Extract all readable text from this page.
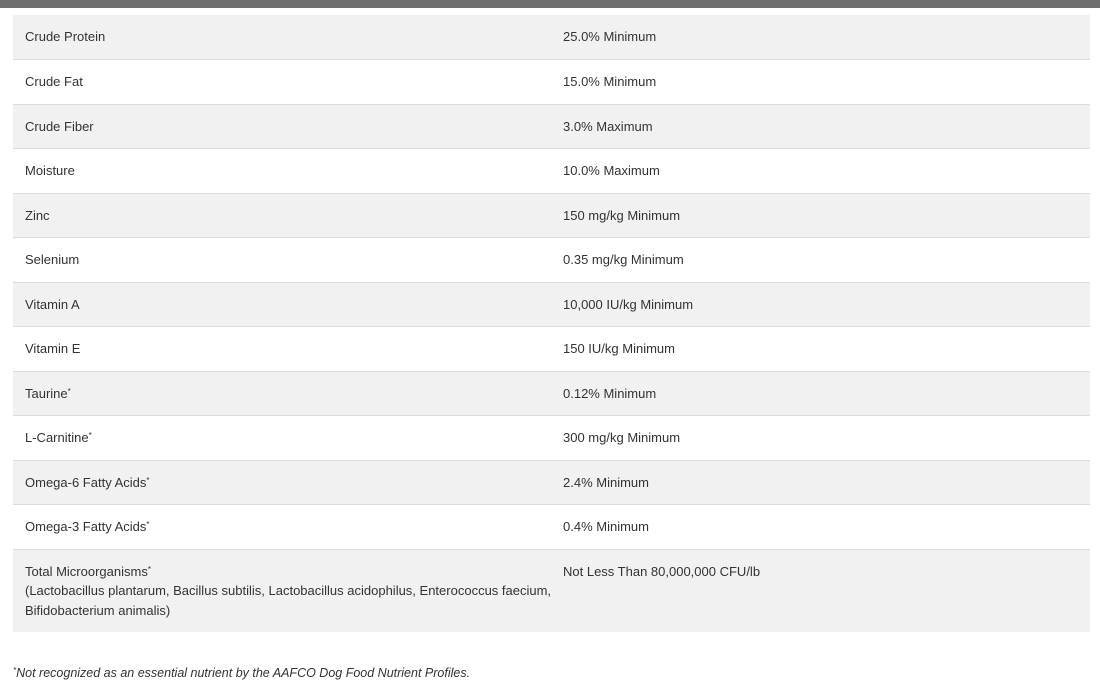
Crude Protein	25.0% Minimum
Crude Fat	15.0% Minimum
Crude Fiber	3.0% Maximum
Moisture	10.0% Maximum
Zinc	150 mg/kg Minimum
Selenium	0.35 mg/kg Minimum
Vitamin A	10,000 IU/kg Minimum
Vitamin E	150 IU/kg Minimum
Taurine*	0.12% Minimum
L-Carnitine*	300 mg/kg Minimum
Omega-6 Fatty Acids*	2.4% Minimum
Omega-3 Fatty Acids*	0.4% Minimum
Total Microorganisms*
(Lactobacillus plantarum, Bacillus subtilis, Lactobacillus acidophilus, Enterococcus faecium, Bifidobacterium animalis)	Not Less Than 80,000,000 CFU/lb
*Not recognized as an essential nutrient by the AAFCO Dog Food Nutrient Profiles.
